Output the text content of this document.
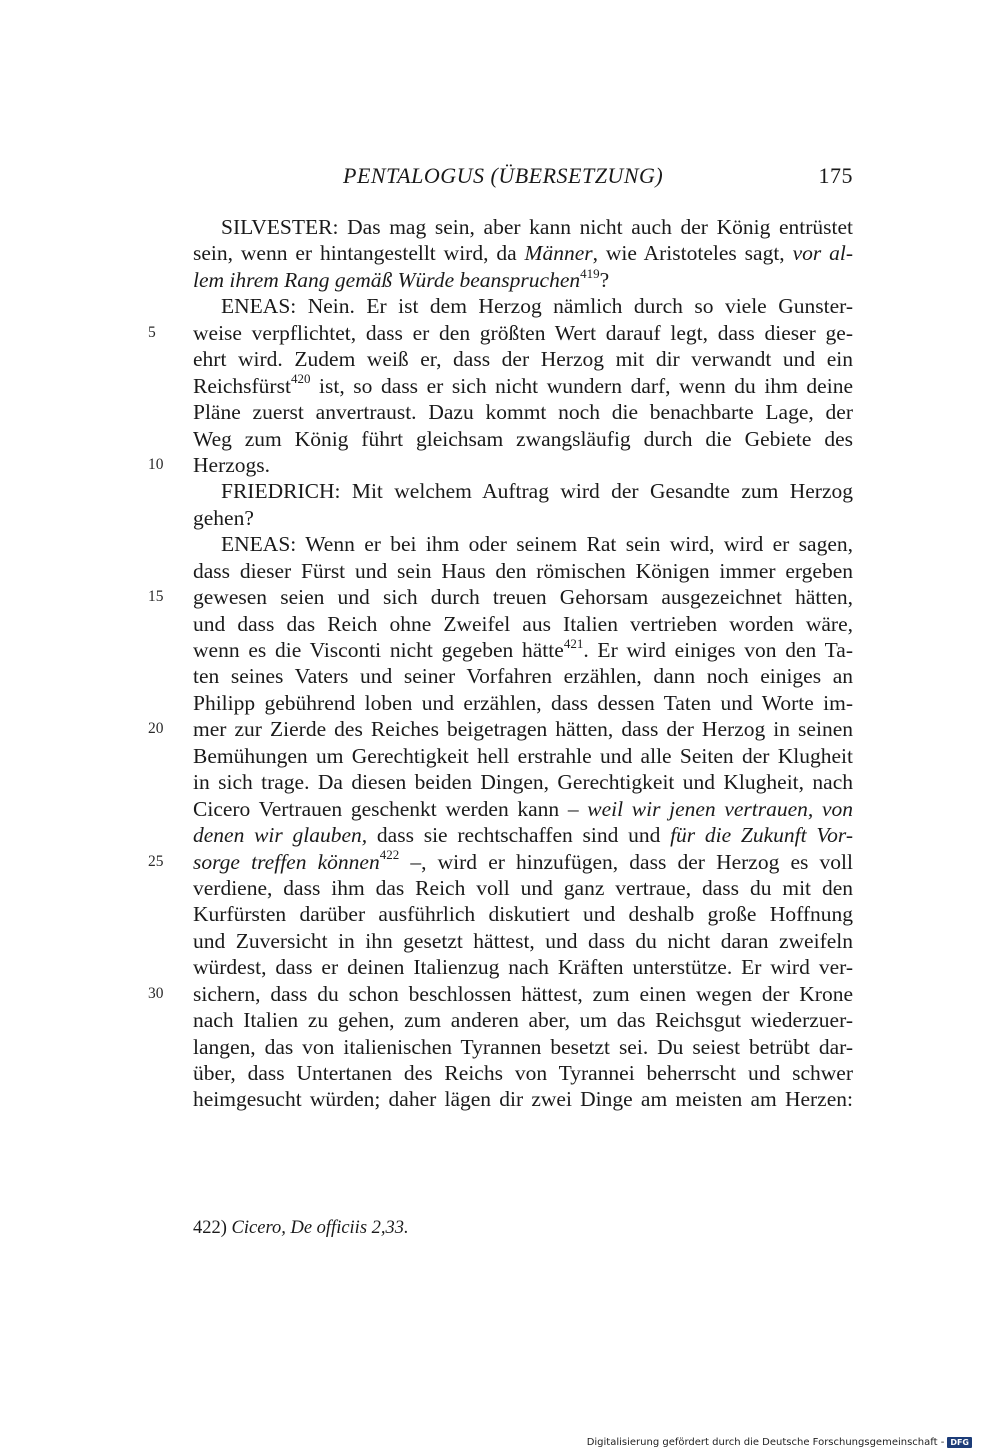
PENTALOGUS (ÜBERSETZUNG)	175
SILVESTER: Das mag sein, aber kann nicht auch der König entrüstet
sein, wenn er hintangestellt wird, da Männer, wie Aristoteles sagt, vor al-
lem ihrem Rang gemäß Würde beanspruchen$^{419}$?
ENEAS: Nein. Er ist dem Herzog nämlich durch so viele Gunster-
5	weise verpflichtet, dass er den größten Wert darauf legt, dass dieser ge-
ehrt wird. Zudem weiß er, dass der Herzog mit dir verwandt und ein
Reichsfürst$^{420}$ ist, so dass er sich nicht wundern darf, wenn du ihm deine
Pläne zuerst anvertraust. Dazu kommt noch die benachbarte Lage, der
Weg zum König führt gleichsam zwangsläufig durch die Gebiete des
10	Herzogs.
FRIEDRICH: Mit welchem Auftrag wird der Gesandte zum Herzog
gehen?
ENEAS: Wenn er bei ihm oder seinem Rat sein wird, wird er sagen,
dass dieser Fürst und sein Haus den römischen Königen immer ergeben
15	gewesen seien und sich durch treuen Gehorsam ausgezeichnet hätten,
und dass das Reich ohne Zweifel aus Italien vertrieben worden wäre,
wenn es die Visconti nicht gegeben hätte$^{421}$. Er wird einiges von den Ta-
ten seines Vaters und seiner Vorfahren erzählen, dann noch einiges an
Philipp gebührend loben und erzählen, dass dessen Taten und Worte im-
20	mer zur Zierde des Reiches beigetragen hätten, dass der Herzog in seinen
Bemühungen um Gerechtigkeit hell erstrahle und alle Seiten der Klugheit
in sich trage. Da diesen beiden Dingen, Gerechtigkeit und Klugheit, nach
Cicero Vertrauen geschenkt werden kann – weil wir jenen vertrauen, von
denen wir glauben, dass sie rechtschaffen sind und für die Zukunft Vor-
25	sorge treffen können$^{422}$ –, wird er hinzufügen, dass der Herzog es voll
verdiene, dass ihm das Reich voll und ganz vertraue, dass du mit den
Kurfürsten darüber ausführlich diskutiert und deshalb große Hoffnung
und Zuversicht in ihn gesetzt hättest, und dass du nicht daran zweifeln
würdest, dass er deinen Italienzug nach Kräften unterstütze. Er wird ver-
30	sichern, dass du schon beschlossen hättest, zum einen wegen der Krone
nach Italien zu gehen, zum anderen aber, um das Reichsgut wiederzuer-
langen, das von italienischen Tyrannen besetzt sei. Du seiest betrübt dar-
über, dass Untertanen des Reichs von Tyrannei beherrscht und schwer
heimgesucht würden; daher lägen dir zwei Dinge am meisten am Herzen:
422) Cicero, De officiis 2,33.
Digitalisierung gefördert durch die Deutsche Forschungsgemeinschaft - DFG
